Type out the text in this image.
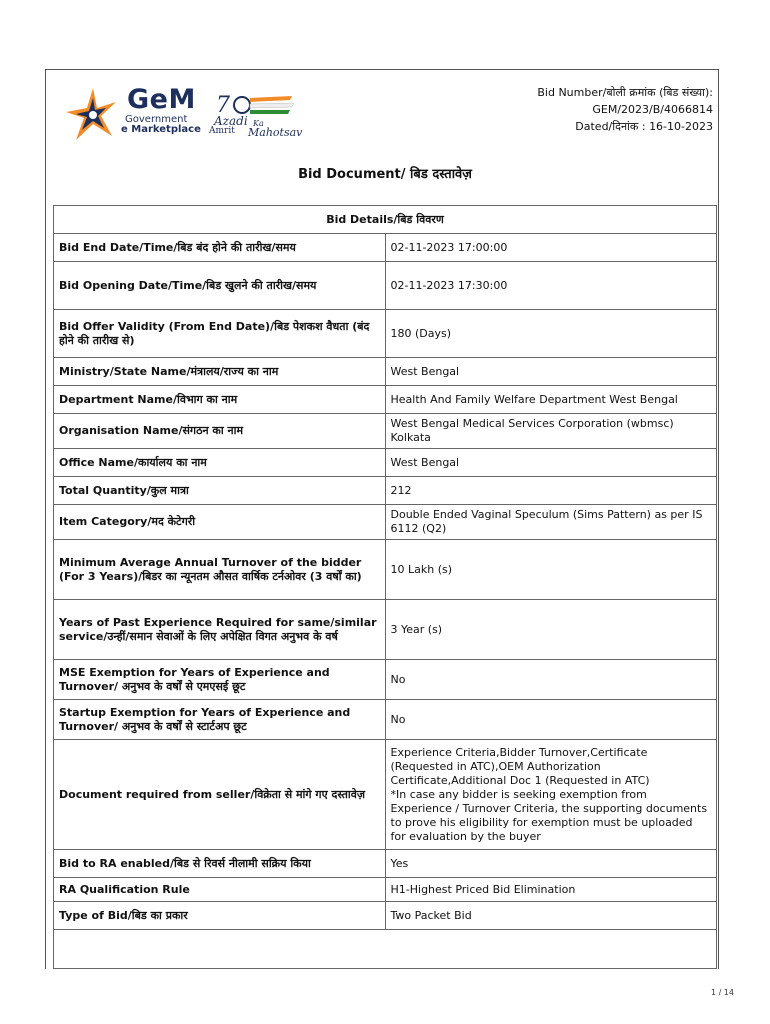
GeM
Government
e Marketplace
7
Azadi Ka
Amrit Mahotsav
Bid Number/बोली क्रमांक (बिड संख्या):
GEM/2023/B/4066814
Dated/दिनांक : 16-10-2023
Bid Document/ बिड दस्तावेज़
Bid Details/बिड विवरण	
Bid End Date/Time/बिड बंद होने की तारीख/समय	02-11-2023 17:00:00
Bid Opening Date/Time/बिड खुलने की तारीख/समय	02-11-2023 17:30:00
Bid Offer Validity (From End Date)/बिड पेशकश वैधता (बंद होने की तारीख से)	180 (Days)
Ministry/State Name/मंत्रालय/राज्य का नाम	West Bengal
Department Name/विभाग का नाम	Health And Family Welfare Department West Bengal
Organisation Name/संगठन का नाम	West Bengal Medical Services Corporation (wbmsc) Kolkata
Office Name/कार्यालय का नाम	West Bengal
Total Quantity/कुल मात्रा	212
Item Category/मद केटेगरी	Double Ended Vaginal Speculum (Sims Pattern) as per IS 6112 (Q2)
Minimum Average Annual Turnover of the bidder (For 3 Years)/बिडर का न्यूनतम औसत वार्षिक टर्नओवर (3 वर्षों का)	10 Lakh (s)
Years of Past Experience Required for same/similar service/उन्हीं/समान सेवाओं के लिए अपेक्षित विगत अनुभव के वर्ष	3 Year (s)
MSE Exemption for Years of Experience and Turnover/ अनुभव के वर्षों से एमएसई छूट	No
Startup Exemption for Years of Experience and Turnover/ अनुभव के वर्षों से स्टार्टअप छूट	No
Document required from seller/विक्रेता से मांगे गए दस्तावेज़	Experience Criteria,Bidder Turnover,Certificate (Requested in ATC),OEM Authorization Certificate,Additional Doc 1 (Requested in ATC)
*In case any bidder is seeking exemption from Experience / Turnover Criteria, the supporting documents to prove his eligibility for exemption must be uploaded for evaluation by the buyer
Bid to RA enabled/बिड से रिवर्स नीलामी सक्रिय किया	Yes
RA Qualification Rule	H1-Highest Priced Bid Elimination
Type of Bid/बिड का प्रकार	Two Packet Bid

1 / 14
